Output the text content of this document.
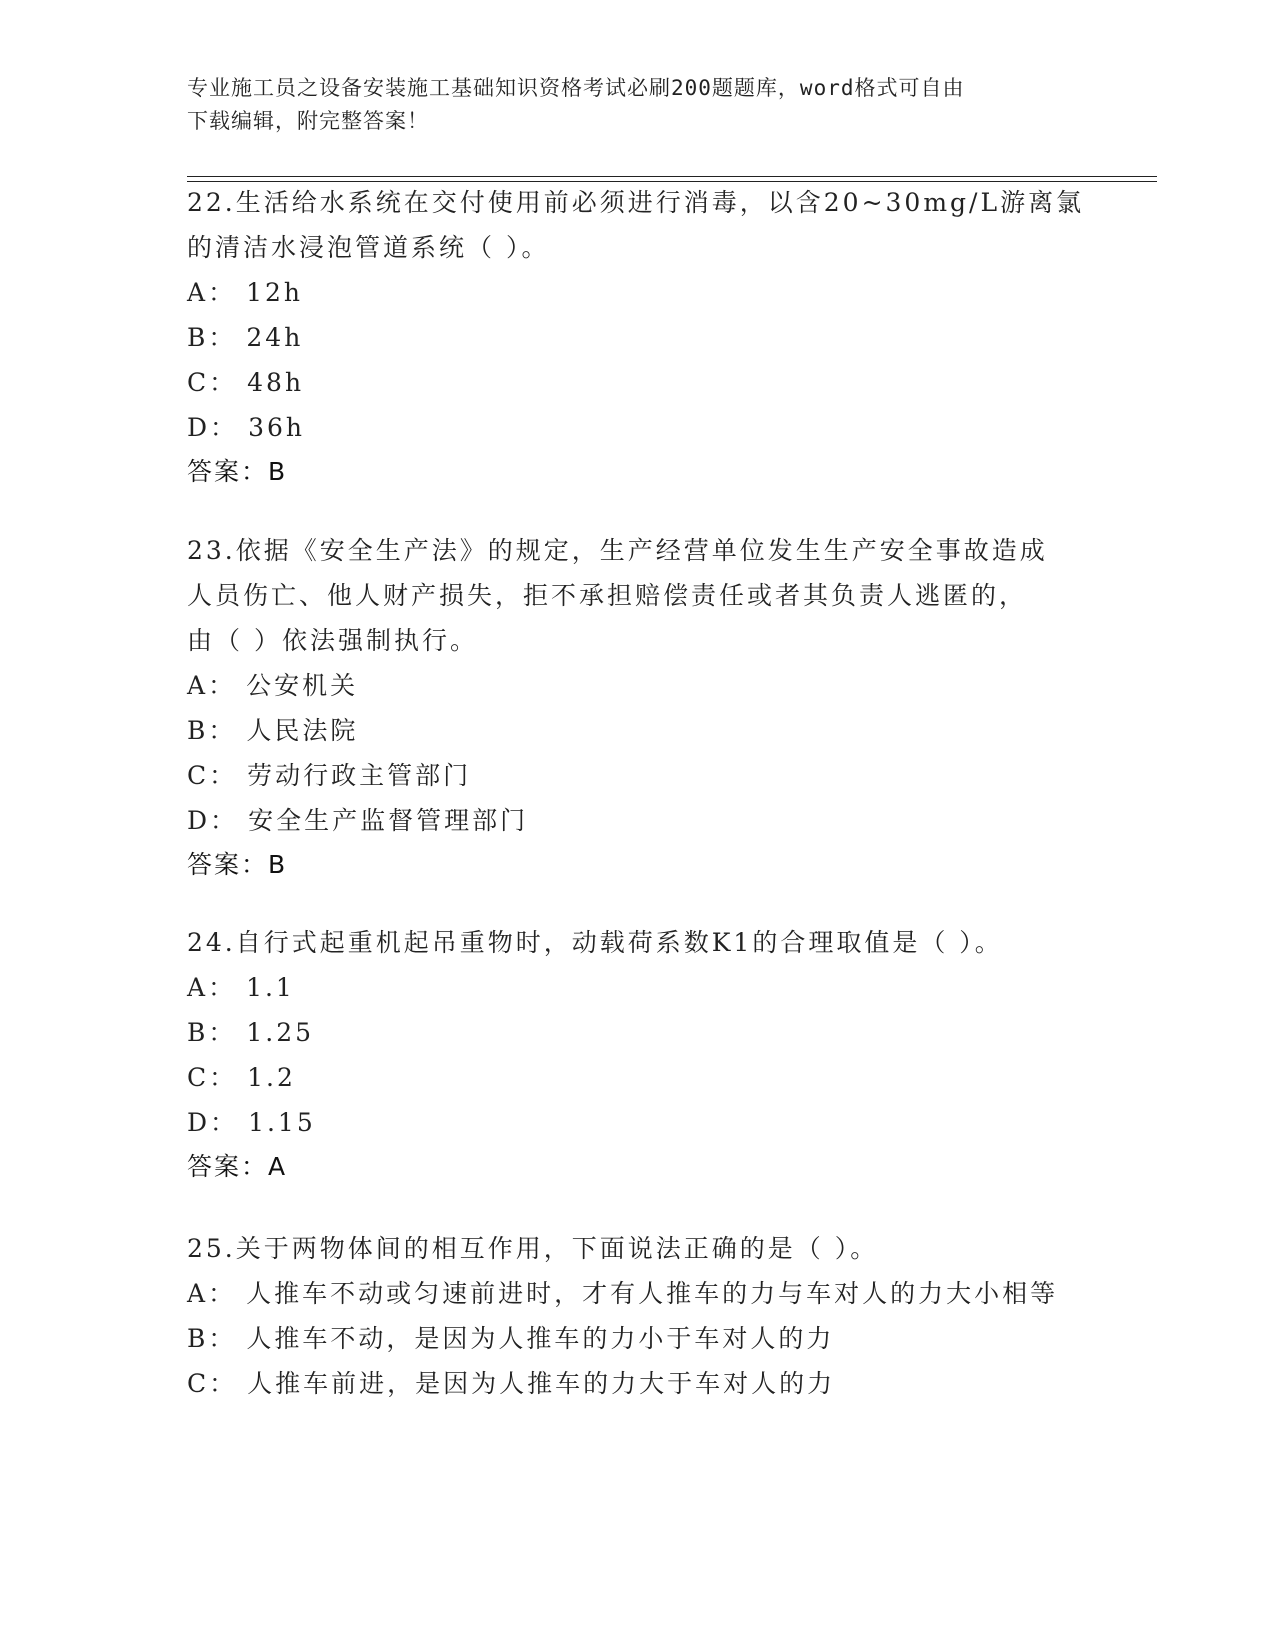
专业施工员之设备安装施工基础知识资格考试必刷200题题库，word格式可自由
下载编辑，附完整答案！
22.生活给水系统在交付使用前必须进行消毒，以含20~30mg/L游离氯
的清洁水浸泡管道系统（ ）。
A： 12h
B： 24h
C： 48h
D： 36h
答案：B
23.依据《安全生产法》的规定，生产经营单位发生生产安全事故造成
人员伤亡、他人财产损失，拒不承担赔偿责任或者其负责人逃匿的，
由（ ）依法强制执行。
A： 公安机关
B： 人民法院
C： 劳动行政主管部门
D： 安全生产监督管理部门
答案：B
24.自行式起重机起吊重物时，动载荷系数K1的合理取值是（ ）。
A： 1.1
B： 1.25
C： 1.2
D： 1.15
答案：A
25.关于两物体间的相互作用，下面说法正确的是（ ）。
A： 人推车不动或匀速前进时，才有人推车的力与车对人的力大小相等
B： 人推车不动，是因为人推车的力小于车对人的力
C： 人推车前进，是因为人推车的力大于车对人的力
